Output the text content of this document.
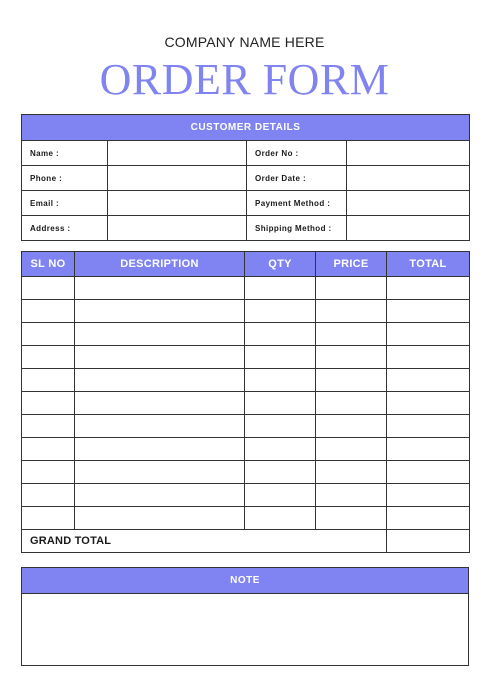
COMPANY NAME HERE
ORDER FORM
CUSTOMER DETAILS			
Name :		Order No :	
Phone :		Order Date :	
Email :		Payment Method :	
Address :		Shipping Method :	
SL NO	DESCRIPTION	QTY	PRICE	TOTAL

GRAND TOTAL				
NOTE
